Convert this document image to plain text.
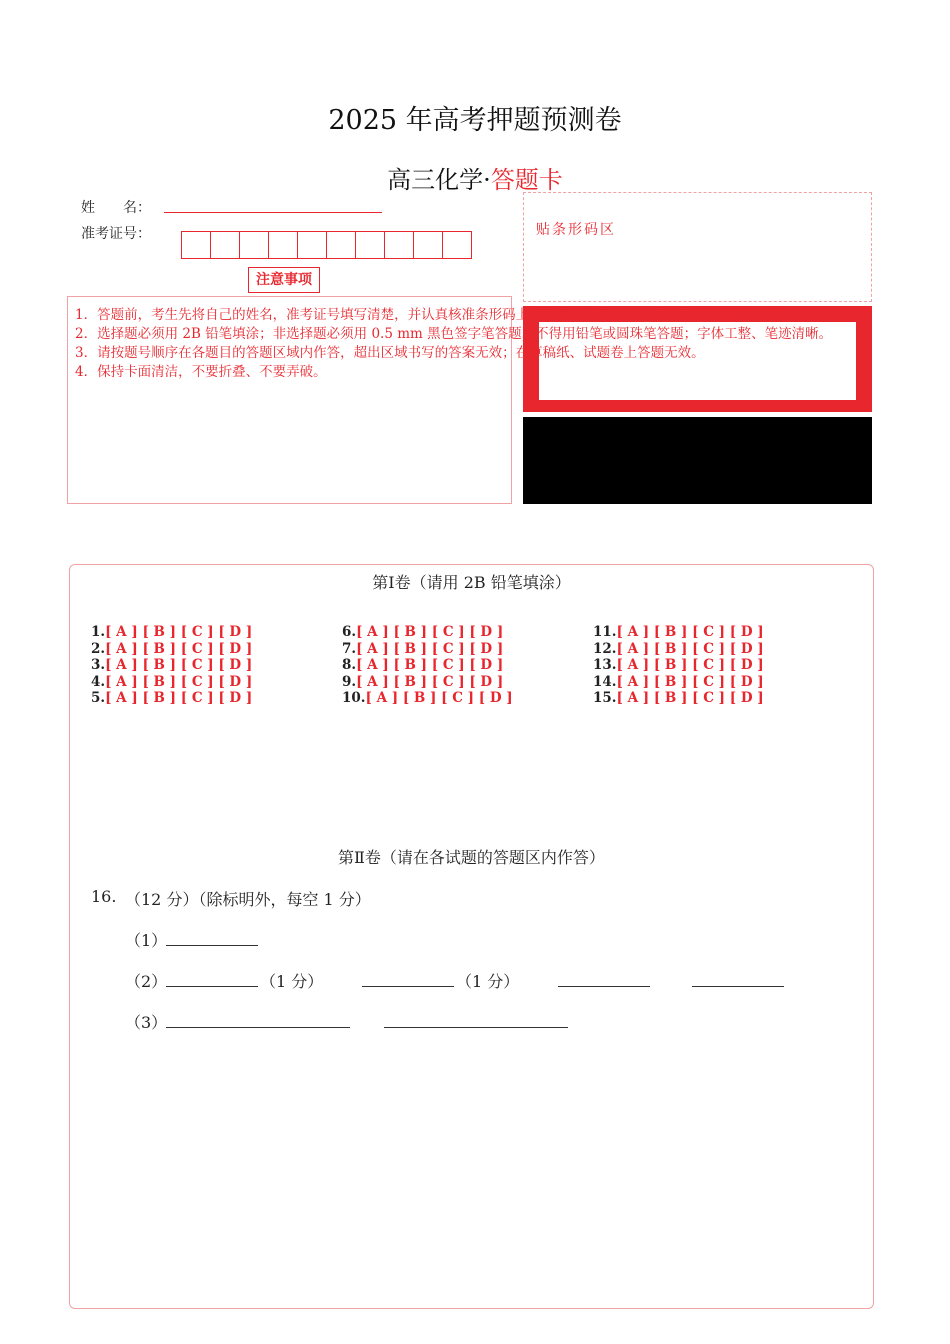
2025 年高考押题预测卷
高三化学·答题卡
姓　　名：
准考证号：	贴条形码区
注意事项
1．答题前，考生先将自己的姓名，准考证号填写清楚，并认真核准条形码上的姓名、准考证号，在规定位置贴好条形码。
2．选择题必须用 2B 铅笔填涂；非选择题必须用 0.5 mm 黑色签字笔答题，不得用铅笔或圆珠笔答题；字体工整、笔迹清晰。
3．请按题号顺序在各题目的答题区域内作答，超出区域书写的答案无效；在草稿纸、试题卷上答题无效。
4．保持卡面清洁，不要折叠、不要弄破。
第Ⅰ卷（请用 2B 铅笔填涂）
1.[ A ] [ B ] [ C ] [ D ]
2.[ A ] [ B ] [ C ] [ D ]
3.[ A ] [ B ] [ C ] [ D ]
4.[ A ] [ B ] [ C ] [ D ]
5.[ A ] [ B ] [ C ] [ D ]
6.[ A ] [ B ] [ C ] [ D ]
7.[ A ] [ B ] [ C ] [ D ]
8.[ A ] [ B ] [ C ] [ D ]
9.[ A ] [ B ] [ C ] [ D ]
10.[ A ] [ B ] [ C ] [ D ]
11.[ A ] [ B ] [ C ] [ D ]
12.[ A ] [ B ] [ C ] [ D ]
13.[ A ] [ B ] [ C ] [ D ]
14.[ A ] [ B ] [ C ] [ D ]
15.[ A ] [ B ] [ C ] [ D ]
第Ⅱ卷（请在各试题的答题区内作答）
16. （12 分）（除标明外，每空 1 分）
（1）
（2）	（1 分）	（1 分）
（3）
